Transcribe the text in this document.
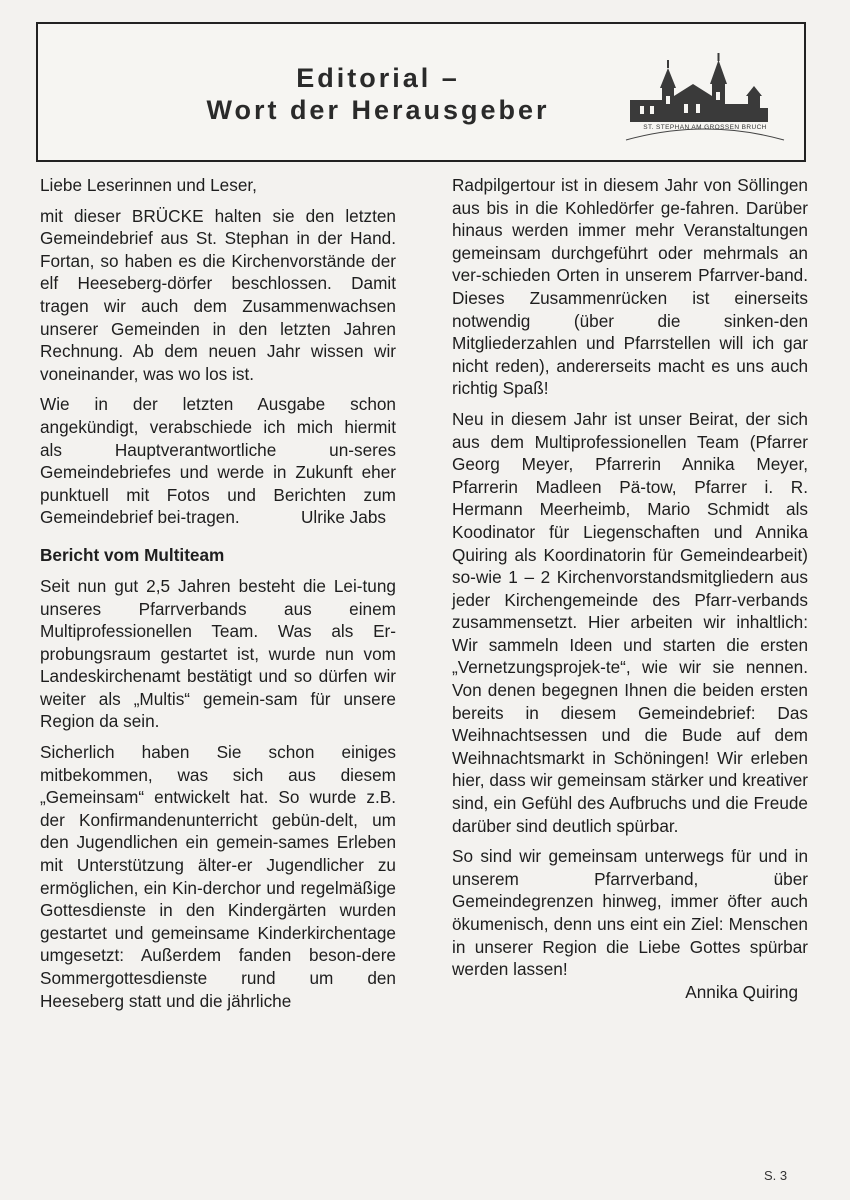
Editorial –
Wort der Herausgeber
ST. STEPHAN AM GROSSEN BRUCH

Liebe Leserinnen und Leser,

mit dieser BRÜCKE halten sie den letzten Gemeindebrief aus St. Stephan in der Hand. Fortan, so haben es die Kirchenvorstände der elf Heeseberg-dörfer beschlossen. Damit tragen wir auch dem Zusammenwachsen unserer Gemeinden in den letzten Jahren Rechnung. Ab dem neuen Jahr wissen wir voneinander, was wo los ist.

Wie in der letzten Ausgabe schon angekündigt, verabschiede ich mich hiermit als Hauptverantwortliche un-seres Gemeindebriefes und werde in Zukunft eher punktuell mit Fotos und Berichten zum Gemeindebrief bei-tragen.	Ulrike Jabs

Bericht vom Multiteam

Seit nun gut 2,5 Jahren besteht die Lei-tung unseres Pfarrverbands aus einem Multiprofessionellen Team. Was als Er-probungsraum gestartet ist, wurde nun vom Landeskirchenamt bestätigt und so dürfen wir weiter als „Multis“ gemein-sam für unsere Region da sein.

Sicherlich haben Sie schon einiges mitbekommen, was sich aus diesem „Gemeinsam“ entwickelt hat. So wurde z.B. der Konfirmandenunterricht gebün-delt, um den Jugendlichen ein gemein-sames Erleben mit Unterstützung älter-er Jugendlicher zu ermöglichen, ein Kin-derchor und regelmäßige Gottesdienste in den Kindergärten wurden gestartet und gemeinsame Kinderkirchentage umgesetzt: Außerdem fanden beson-dere Sommergottesdienste rund um den Heeseberg statt und die jährliche

Radpilgertour ist in diesem Jahr von Söllingen aus bis in die Kohledörfer ge-fahren. Darüber hinaus werden immer mehr Veranstaltungen gemeinsam durchgeführt oder mehrmals an ver-schieden Orten in unserem Pfarrver-band. Dieses Zusammenrücken ist einerseits notwendig (über die sinken-den Mitgliederzahlen und Pfarrstellen will ich gar nicht reden), andererseits macht es uns auch richtig Spaß!

Neu in diesem Jahr ist unser Beirat, der sich aus dem Multiprofessionellen Team (Pfarrer Georg Meyer, Pfarrerin Annika Meyer, Pfarrerin Madleen Pä-tow, Pfarrer i. R. Hermann Meerheimb, Mario Schmidt als Koodinator für Liegenschaften und Annika Quiring als Koordinatorin für Gemeindearbeit) so-wie 1 – 2 Kirchenvorstandsmitgliedern aus jeder Kirchengemeinde des Pfarr-verbands zusammensetzt. Hier arbeiten wir inhaltlich: Wir sammeln Ideen und starten die ersten „Vernetzungsprojek-te“, wie wir sie nennen. Von denen begegnen Ihnen die beiden ersten bereits in diesem Gemeindebrief: Das Weihnachtsessen und die Bude auf dem Weihnachtsmarkt in Schöningen! Wir erleben hier, dass wir gemeinsam stärker und kreativer sind, ein Gefühl des Aufbruchs und die Freude darüber sind deutlich spürbar.

So sind wir gemeinsam unterwegs für und in unserem Pfarrverband, über Gemeindegrenzen hinweg, immer öfter auch ökumenisch, denn uns eint ein Ziel: Menschen in unserer Region die Liebe Gottes spürbar werden lassen!

Annika Quiring

S. 3
